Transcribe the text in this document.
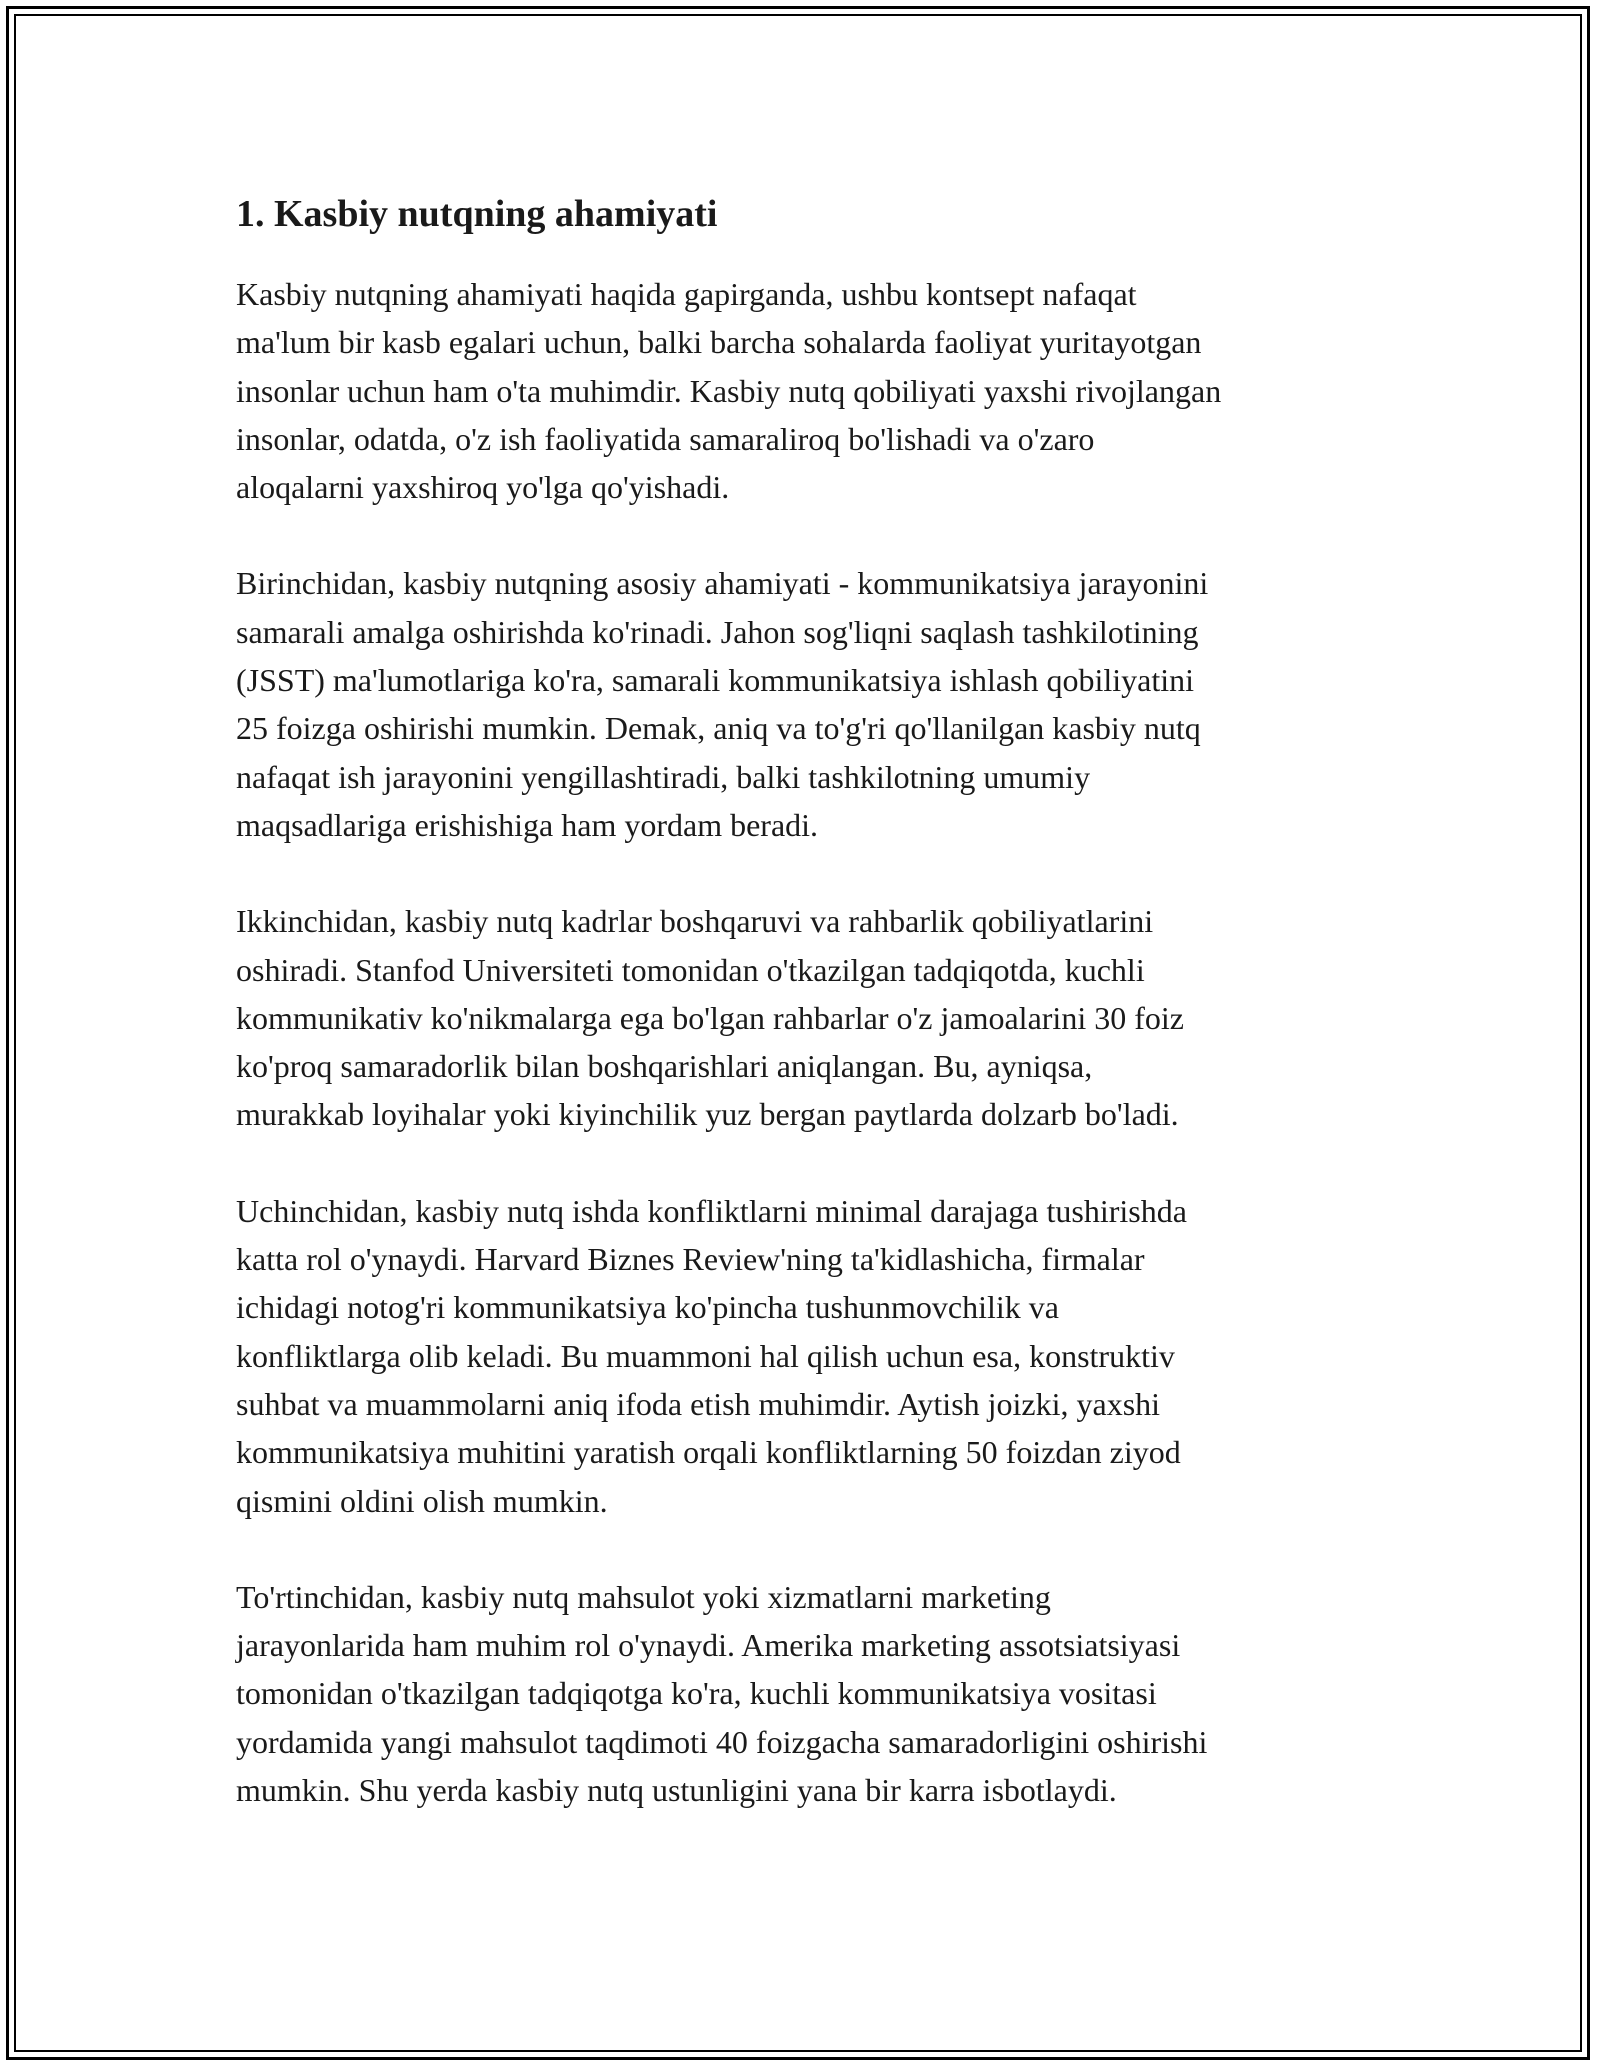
1. Kasbiy nutqning ahamiyati

Kasbiy nutqning ahamiyati haqida gapirganda, ushbu kontsept nafaqat
ma'lum bir kasb egalari uchun, balki barcha sohalarda faoliyat yuritayotgan
insonlar uchun ham o'ta muhimdir. Kasbiy nutq qobiliyati yaxshi rivojlangan
insonlar, odatda, o'z ish faoliyatida samaraliroq bo'lishadi va o'zaro
aloqalarni yaxshiroq yo'lga qo'yishadi.

Birinchidan, kasbiy nutqning asosiy ahamiyati - kommunikatsiya jarayonini
samarali amalga oshirishda ko'rinadi. Jahon sog'liqni saqlash tashkilotining
(JSST) ma'lumotlariga ko'ra, samarali kommunikatsiya ishlash qobiliyatini
25 foizga oshirishi mumkin. Demak, aniq va to'g'ri qo'llanilgan kasbiy nutq
nafaqat ish jarayonini yengillashtiradi, balki tashkilotning umumiy
maqsadlariga erishishiga ham yordam beradi.

Ikkinchidan, kasbiy nutq kadrlar boshqaruvi va rahbarlik qobiliyatlarini
oshiradi. Stanfod Universiteti tomonidan o'tkazilgan tadqiqotda, kuchli
kommunikativ ko'nikmalarga ega bo'lgan rahbarlar o'z jamoalarini 30 foiz
ko'proq samaradorlik bilan boshqarishlari aniqlangan. Bu, ayniqsa,
murakkab loyihalar yoki kiyinchilik yuz bergan paytlarda dolzarb bo'ladi.

Uchinchidan, kasbiy nutq ishda konfliktlarni minimal darajaga tushirishda
katta rol o'ynaydi. Harvard Biznes Review'ning ta'kidlashicha, firmalar
ichidagi notog'ri kommunikatsiya ko'pincha tushunmovchilik va
konfliktlarga olib keladi. Bu muammoni hal qilish uchun esa, konstruktiv
suhbat va muammolarni aniq ifoda etish muhimdir. Aytish joizki, yaxshi
kommunikatsiya muhitini yaratish orqali konfliktlarning 50 foizdan ziyod
qismini oldini olish mumkin.

To'rtinchidan, kasbiy nutq mahsulot yoki xizmatlarni marketing
jarayonlarida ham muhim rol o'ynaydi. Amerika marketing assotsiatsiyasi
tomonidan o'tkazilgan tadqiqotga ko'ra, kuchli kommunikatsiya vositasi
yordamida yangi mahsulot taqdimoti 40 foizgacha samaradorligini oshirishi
mumkin. Shu yerda kasbiy nutq ustunligini yana bir karra isbotlaydi.
